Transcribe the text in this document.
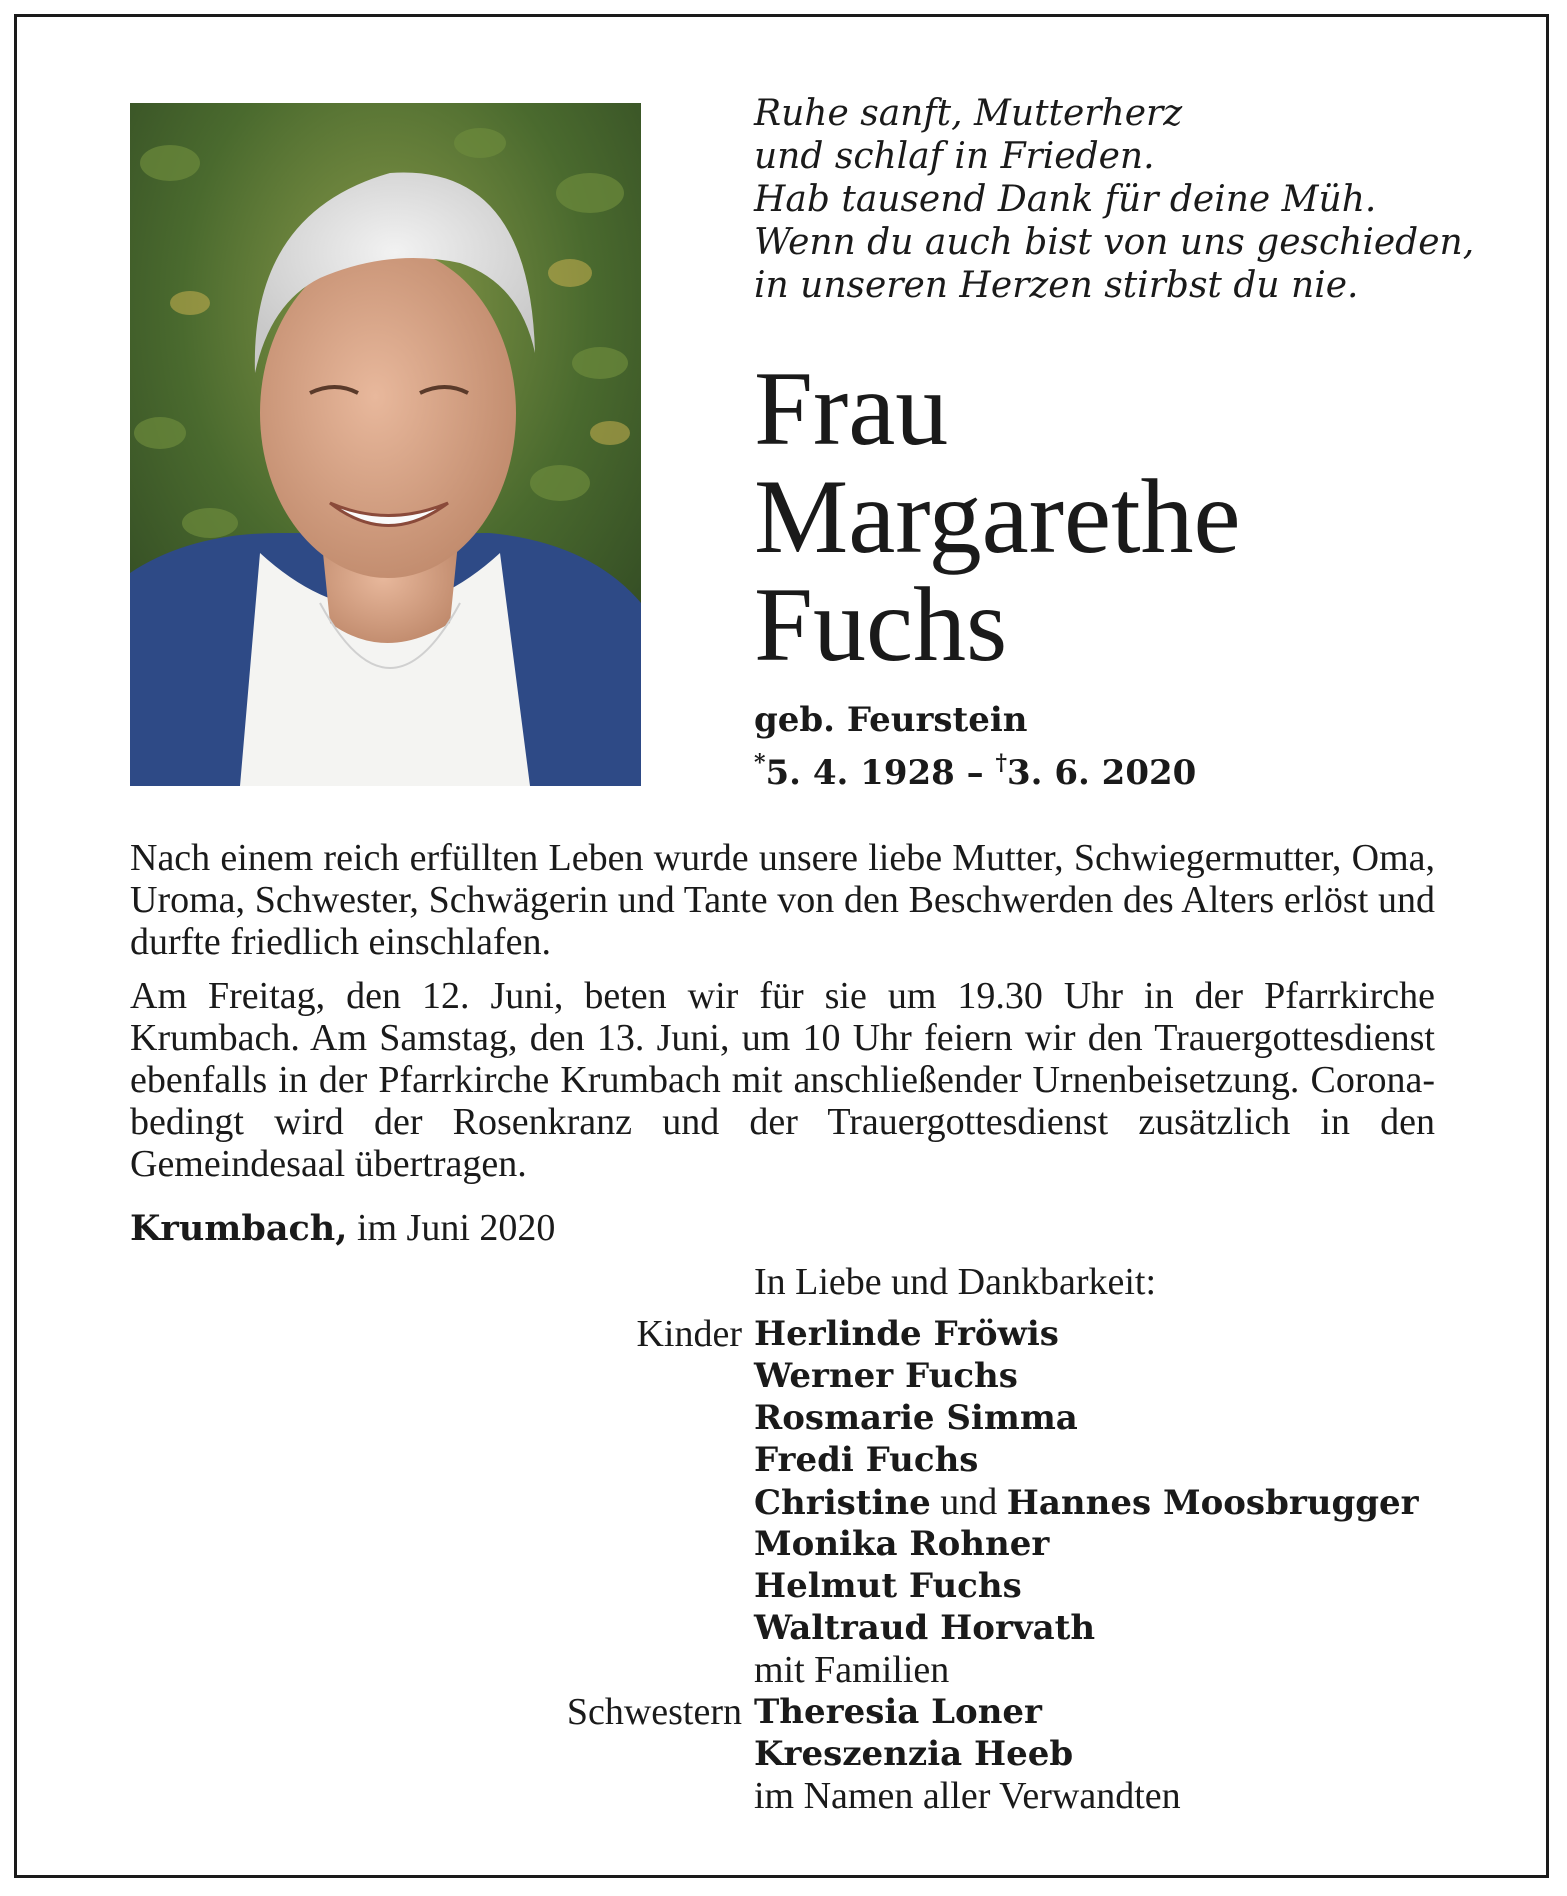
Ruhe sanft, Mutterherz
und schlaf in Frieden.
Hab tausend Dank für deine Müh.
Wenn du auch bist von uns geschieden,
in unseren Herzen stirbst du nie.
Frau
Margarethe
Fuchs
geb. Feurstein
*5. 4. 1928 – †3. 6. 2020
Nach einem reich erfüllten Leben wurde unsere liebe Mutter, Schwiegermutter, Oma, Uroma, Schwester, Schwägerin und Tante von den Beschwerden des Alters erlöst und durfte friedlich einschlafen.
Am Freitag, den 12. Juni, beten wir für sie um 19.30 Uhr in der Pfarrkirche Krumbach. Am Samstag, den 13. Juni, um 10 Uhr feiern wir den Trauergottesdienst ebenfalls in der Pfarrkirche Krumbach mit anschließender Urnenbeisetzung. Corona-bedingt wird der Rosenkranz und der Trauergottesdienst zusätzlich in den Gemeindesaal übertragen.
Krumbach, im Juni 2020
In Liebe und Dankbarkeit:
Kinder Herlinde Fröwis
Werner Fuchs
Rosmarie Simma
Fredi Fuchs
Christine und Hannes Moosbrugger
Monika Rohner
Helmut Fuchs
Waltraud Horvath
mit Familien
Schwestern Theresia Loner
Kreszenzia Heeb
im Namen aller Verwandten
